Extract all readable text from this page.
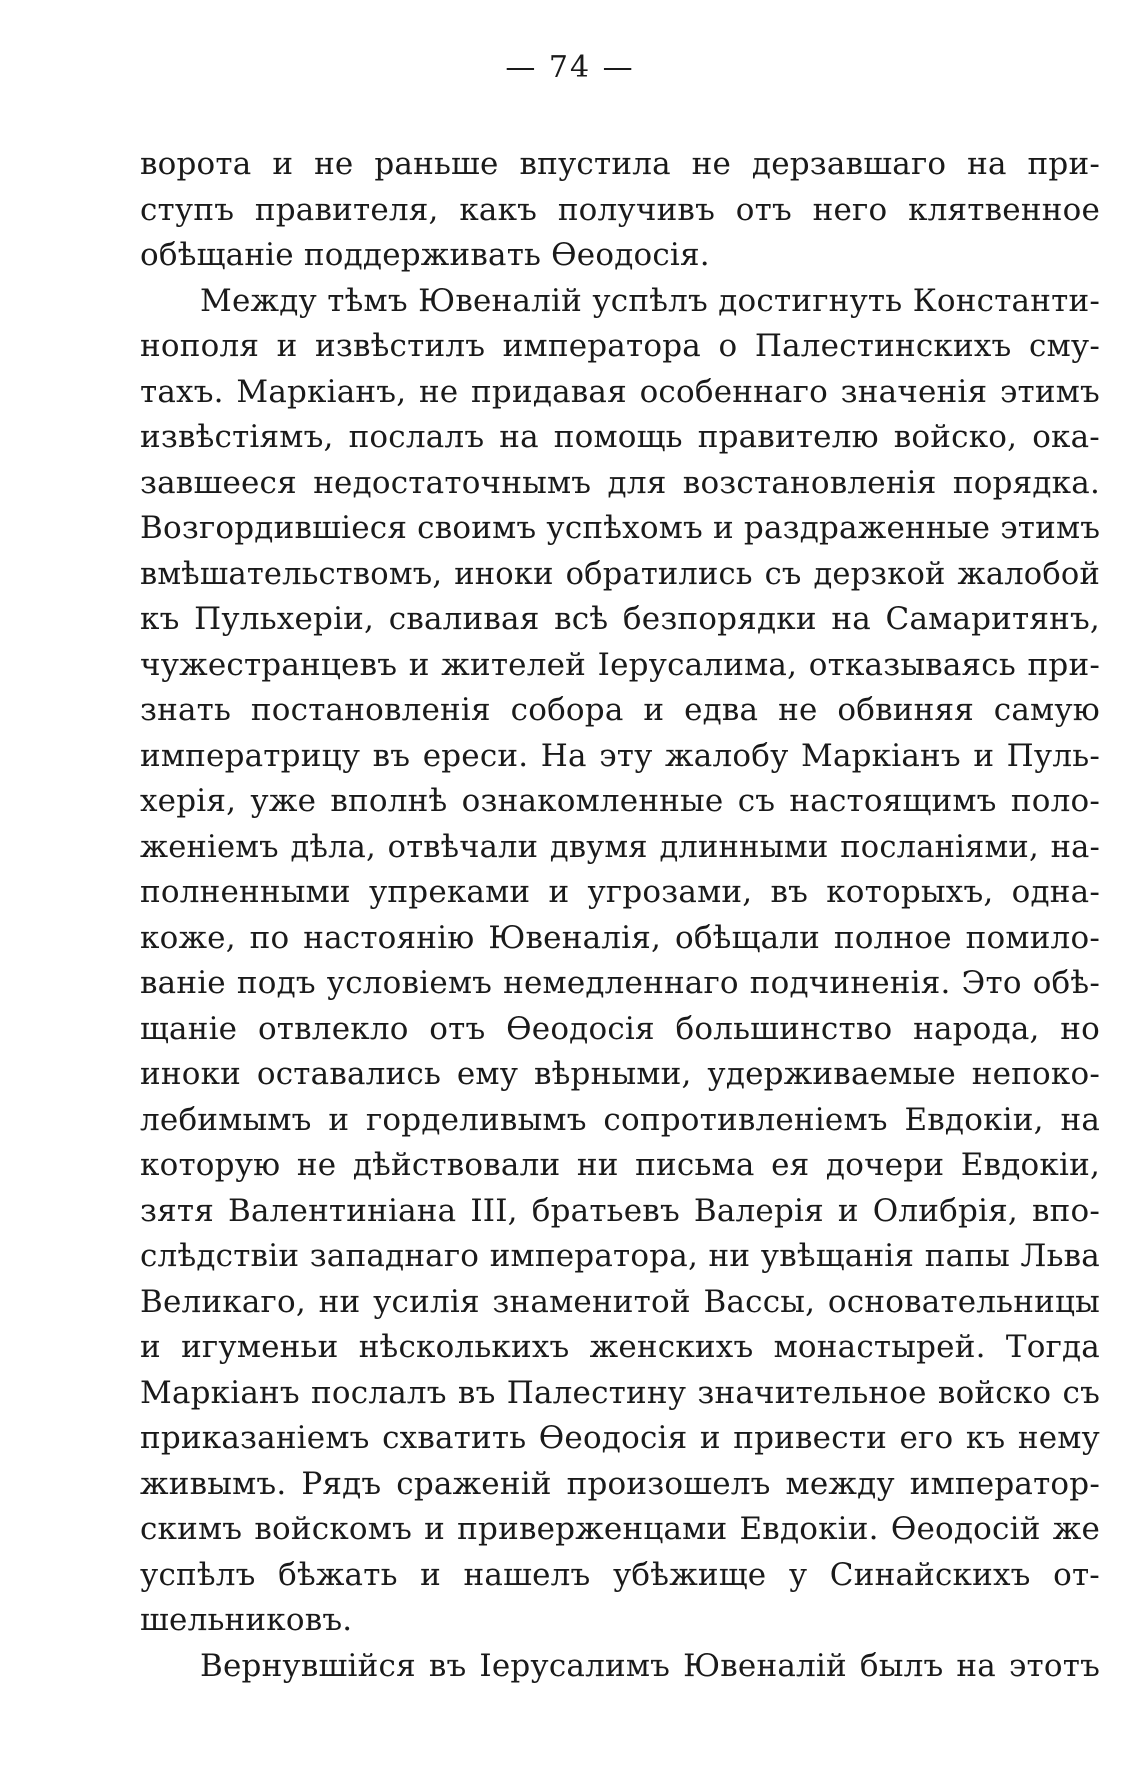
— 74 —
ворота и не раньше впустила не дерзавшаго на при-
ступъ правителя, какъ получивъ отъ него клятвенное
обѣщаніе поддерживать Ѳеодосія.
Между тѣмъ Ювеналій успѣлъ достигнуть Константи-
нополя и извѣстилъ императора о Палестинскихъ сму-
тахъ. Маркіанъ, не придавая особеннаго значенія этимъ
извѣстіямъ, послалъ на помощь правителю войско, ока-
завшееся недостаточнымъ для возстановленія порядка.
Возгордившіеся своимъ успѣхомъ и раздраженные этимъ
вмѣшательствомъ, иноки обратились съ дерзкой жалобой
къ Пульхеріи, сваливая всѣ безпорядки на Самаритянъ,
чужестранцевъ и жителей Іерусалима, отказываясь при-
знать постановленія собора и едва не обвиняя самую
императрицу въ ереси. На эту жалобу Маркіанъ и Пуль-
херія, уже вполнѣ ознакомленные съ настоящимъ поло-
женіемъ дѣла, отвѣчали двумя длинными посланіями, на-
полненными упреками и угрозами, въ которыхъ, одна-
коже, по настоянію Ювеналія, обѣщали полное помило-
ваніе подъ условіемъ немедленнаго подчиненія. Это обѣ-
щаніе отвлекло отъ Ѳеодосія большинство народа, но
иноки оставались ему вѣрными, удерживаемые непоко-
лебимымъ и горделивымъ сопротивленіемъ Евдокіи, на
которую не дѣйствовали ни письма ея дочери Евдокіи,
зятя Валентиніана III, братьевъ Валерія и Олибрія, впо-
слѣдствіи западнаго императора, ни увѣщанія папы Льва
Великаго, ни усилія знаменитой Вассы, основательницы
и игуменьи нѣсколькихъ женскихъ монастырей. Тогда
Маркіанъ послалъ въ Палестину значительное войско съ
приказаніемъ схватить Ѳеодосія и привести его къ нему
живымъ. Рядъ сраженій произошелъ между император-
скимъ войскомъ и приверженцами Евдокіи. Ѳеодосій же
успѣлъ бѣжать и нашелъ убѣжище у Синайскихъ от-
шельниковъ.
Вернувшійся въ Іерусалимъ Ювеналій былъ на этотъ
